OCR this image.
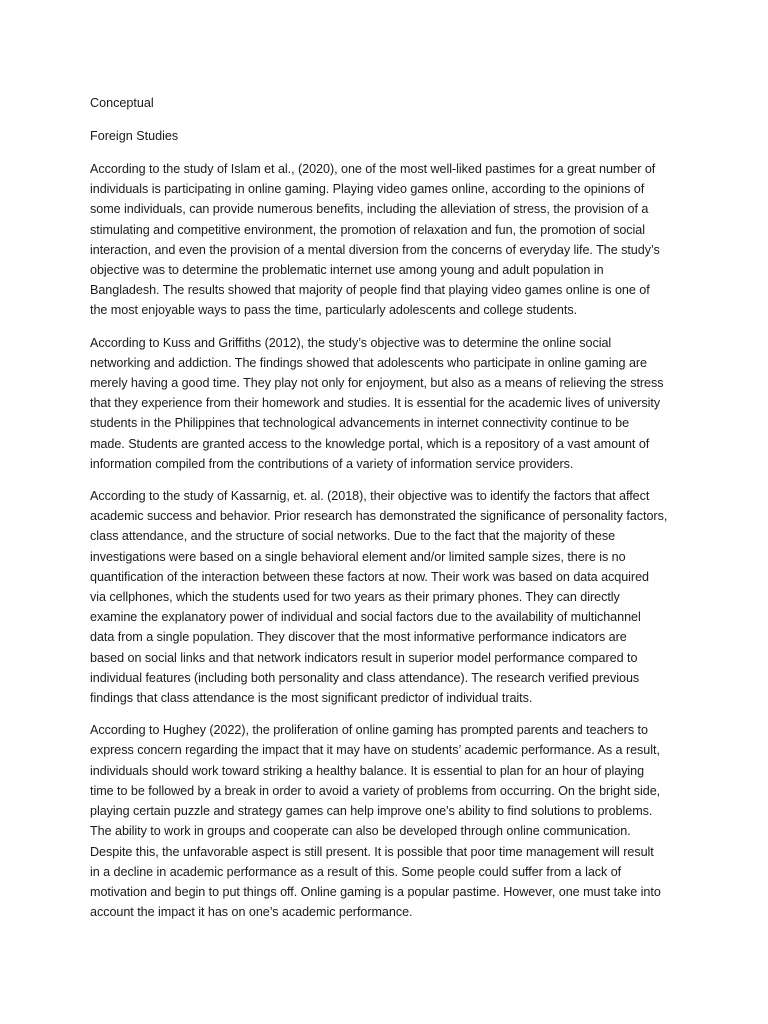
Conceptual
Foreign Studies
According to the study of Islam et al., (2020), one of the most well-liked pastimes for a great number of
individuals is participating in online gaming. Playing video games online, according to the opinions of
some individuals, can provide numerous benefits, including the alleviation of stress, the provision of a
stimulating and competitive environment, the promotion of relaxation and fun, the promotion of social
interaction, and even the provision of a mental diversion from the concerns of everyday life. The study’s
objective was to determine the problematic internet use among young and adult population in
Bangladesh. The results showed that majority of people find that playing video games online is one of
the most enjoyable ways to pass the time, particularly adolescents and college students.
According to Kuss and Griffiths (2012), the study’s objective was to determine the online social
networking and addiction. The findings showed that adolescents who participate in online gaming are
merely having a good time. They play not only for enjoyment, but also as a means of relieving the stress
that they experience from their homework and studies. It is essential for the academic lives of university
students in the Philippines that technological advancements in internet connectivity continue to be
made. Students are granted access to the knowledge portal, which is a repository of a vast amount of
information compiled from the contributions of a variety of information service providers.
According to the study of Kassarnig, et. al. (2018), their objective was to identify the factors that affect
academic success and behavior. Prior research has demonstrated the significance of personality factors,
class attendance, and the structure of social networks. Due to the fact that the majority of these
investigations were based on a single behavioral element and/or limited sample sizes, there is no
quantification of the interaction between these factors at now. Their work was based on data acquired
via cellphones, which the students used for two years as their primary phones. They can directly
examine the explanatory power of individual and social factors due to the availability of multichannel
data from a single population. They discover that the most informative performance indicators are
based on social links and that network indicators result in superior model performance compared to
individual features (including both personality and class attendance). The research verified previous
findings that class attendance is the most significant predictor of individual traits.
According to Hughey (2022), the proliferation of online gaming has prompted parents and teachers to
express concern regarding the impact that it may have on students’ academic performance. As a result,
individuals should work toward striking a healthy balance. It is essential to plan for an hour of playing
time to be followed by a break in order to avoid a variety of problems from occurring. On the bright side,
playing certain puzzle and strategy games can help improve one’s ability to find solutions to problems.
The ability to work in groups and cooperate can also be developed through online communication.
Despite this, the unfavorable aspect is still present. It is possible that poor time management will result
in a decline in academic performance as a result of this. Some people could suffer from a lack of
motivation and begin to put things off. Online gaming is a popular pastime. However, one must take into
account the impact it has on one’s academic performance.
